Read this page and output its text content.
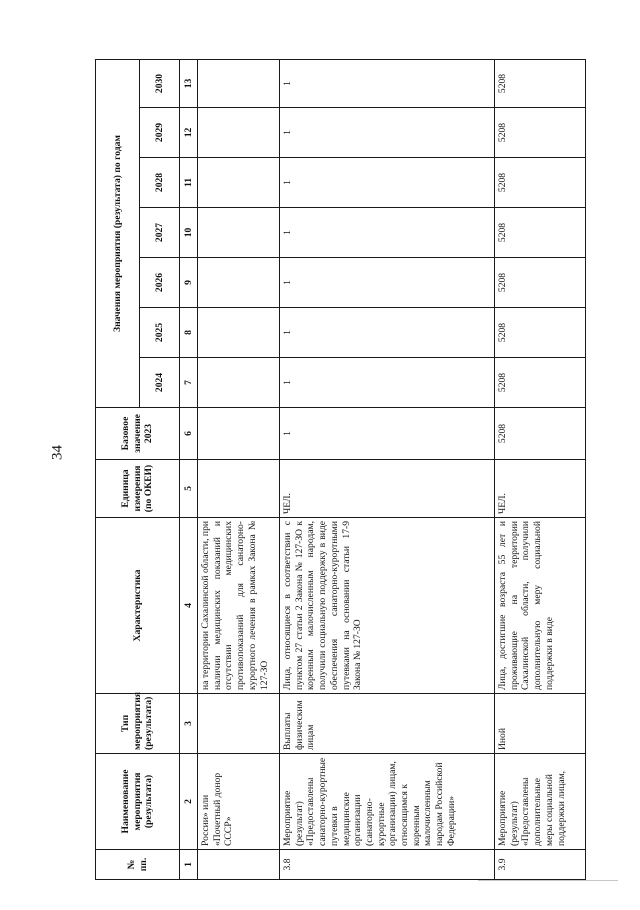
34
№ пп.	Наименование мероприятия (результата)	Тип мероприятия (результата)	Характеристика	Единица измерения (по ОКЕИ)	Базовое значение 2023	Значения мероприятия (результата) по годам						
						2024	2025	2026	2027	2028	2029	2030
1	2	3	4	5	6	7	8	9	10	11	12	13
	России» или «Почетный донор СССР»		на территории Сахалинской области, при наличии медицинских показаний и отсутствии медицинских противопоказаний для санаторно-курортного лечения в рамках Закона № 127-ЗО									
3.8	Мероприятие (результат) «Предоставлены санаторно-курортные путевки в медицинские организации (санаторно-курортные организации) лицам, относящимся к коренным малочисленным народам Российской Федерации»	Выплаты физическим лицам	Лица, относящиеся в соответствии с пунктом 27 статьи 2 Закона № 127-ЗО к коренным малочисленным народам, получили социальную поддержку в виде обеспечения санаторно-курортными путевками на основании статьи 17-9 Закона № 127-ЗО	ЧЕЛ.	1	1	1	1	1	1	1	1
3.9	Мероприятие (результат) «Предоставлены дополнительные меры социальной поддержки лицам,	Иной	Лица, достигшие возраста 55 лет и проживающие на территории Сахалинской области, получили дополнительную меру социальной поддержки в виде	ЧЕЛ.	5208	5208	5208	5208	5208	5208	5208	5208
